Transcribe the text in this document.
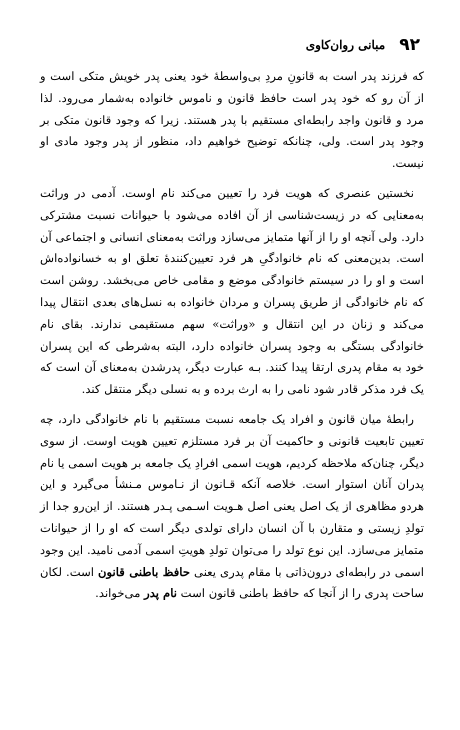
۹۲
مبانی روان‌کاوی

که فرزند پدر است به قانونِ مردِ بی‌واسطهٔ خود یعنی پدر خویش متکی است و از آن رو که خود پدر است حافظ قانون و ناموس خانواده به‌شمار می‌رود. لذا مرد و قانون واجد رابطه‌ای مستقیم با پدر هستند. زیرا که وجود قانون متکی بر وجود پدر است. ولی، چنانکه توضیح خواهیم داد، منظور از پدر وجود مادی او نیست.

نخستین عنصری که هویت فرد را تعیین می‌کند نام اوست. آدمی در وراثت به‌معنایی که در زیست‌شناسی از آن افاده می‌شود با حیوانات نسبت مشترکی دارد. ولی آنچه او را از آنها متمایز می‌سازد وراثت به‌معنای انسانی و اجتماعی آن است. بدین‌معنی که نام خانوادگیِ هر فرد تعیین‌کنندهٔ تعلق او به خسانواده‌اش است و او را در سیستم خانوادگی موضع و مقامی خاص می‌بخشد. روشن است که نام خانوادگی از طریق پسران و مردان خانواده به نسل‌های بعدی انتقال پیدا می‌کند و زنان در این انتقال و «وراثت» سهم مستقیمی ندارند. بقای نام خانوادگی بستگی به وجود پسران خانواده دارد، البته به‌شرطی که این پسران خود به مقام پدری ارتقا پیدا کنند. بـه عبارت دیگر، پدرشدن به‌معنای آن است که یک فرد مذکر قادر شود نامی را به ارث برده و به نسلی دیگر منتقل کند.

رابطهٔ میان قانون و افراد یک جامعه نسبت مستقیم با نام خانوادگی دارد، چه تعیین تابعیت قانونی و حاکمیت آن بر فرد مستلزم تعیین هویت اوست. از سوی دیگر، چنان‌که ملاحظه کردیم، هویت اسمی افرادِ یک جامعه بر هویت اسمی یا نام پدران آنان استوار است. خلاصه آنکه قـانون از نـاموس مـنشأ می‌گیرد و این هردو مظاهری از یک اصل یعنی اصل هـویت اسـمی پـدر هستند. از این‌رو جدا از تولدِ زیستی و متقارن با آن انسان دارای تولدی دیگر است که او را از حیوانات متمایز می‌سازد. این نوع تولد را می‌توان تولدِ هویتِ اسمی آدمی نامید. این وجود اسمی در رابطه‌ای درون‌ذاتی با مقام پدری یعنی حافظ باطنی قانون است. لکان ساحت پدری را از آنجا که حافظ باطنی قانون است نام پدر می‌خواند.
